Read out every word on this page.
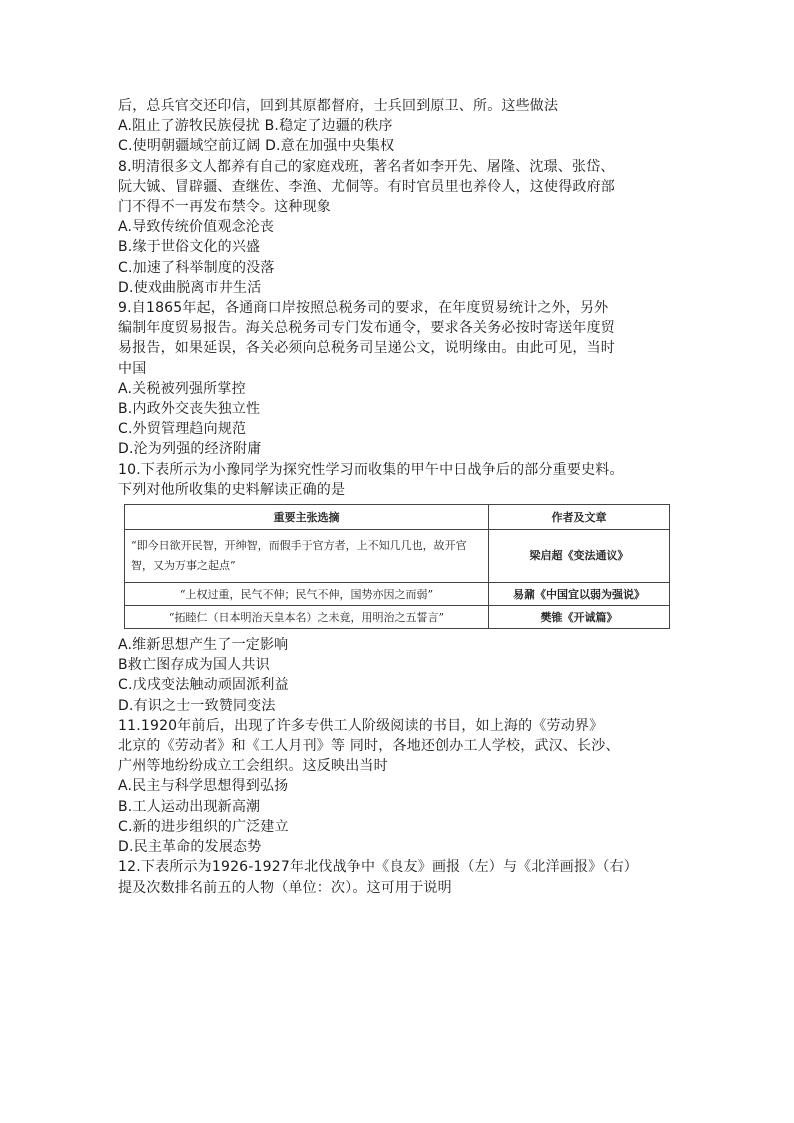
后，总兵官交还印信，回到其原都督府，士兵回到原卫、所。这些做法
A.阻止了游牧民族侵扰 B.稳定了边疆的秩序
C.使明朝疆域空前辽阔 D.意在加强中央集权
8.明清很多文人都养有自己的家庭戏班，著名者如李开先、屠隆、沈璟、张岱、
阮大铖、冒辟疆、查继佐、李渔、尤侗等。有时官员里也养伶人，这使得政府部
门不得不一再发布禁令。这种现象
A.导致传统价值观念沦丧
B.缘于世俗文化的兴盛
C.加速了科举制度的没落
D.使戏曲脱离市井生活
9.自1865年起，各通商口岸按照总税务司的要求，在年度贸易统计之外，另外
编制年度贸易报告。海关总税务司专门发布通令，要求各关务必按时寄送年度贸
易报告，如果延误，各关必须向总税务司呈递公文，说明缘由。由此可见，当时
中国
A.关税被列强所掌控
B.内政外交丧失独立性
C.外贸管理趋向规范
D.沦为列强的经济附庸
10.下表所示为小豫同学为探究性学习而收集的甲午中日战争后的部分重要史料。
下列对他所收集的史料解读正确的是
重要主张选摘	作者及文章

“即今日欲开民智，开绅智，而假手于官方者，上不知几几也，故开官
智，又为万事之起点”	梁启超《变法通议》
“上权过重，民气不伸；民气不伸，国势亦因之而弱”	易鼐《中国宜以弱为强说》
“拓睦仁（日本明治天皇本名）之未竟，用明治之五誓言”	樊锥《开诚篇》
A.维新思想产生了一定影响
B救亡图存成为国人共识
C.戊戌变法触动顽固派利益
D.有识之士一致赞同变法
11.1920年前后，出现了许多专供工人阶级阅读的书目，如上海的《劳动界》
北京的《劳动者》和《工人月刊》等 同时，各地还创办工人学校，武汉、长沙、
广州等地纷纷成立工会组织。这反映出当时
A.民主与科学思想得到弘扬
B.工人运动出现新高潮
C.新的进步组织的广泛建立
D.民主革命的发展态势
12.下表所示为1926-1927年北伐战争中《良友》画报（左）与《北洋画报》（右）
提及次数排名前五的人物（单位：次）。这可用于说明
